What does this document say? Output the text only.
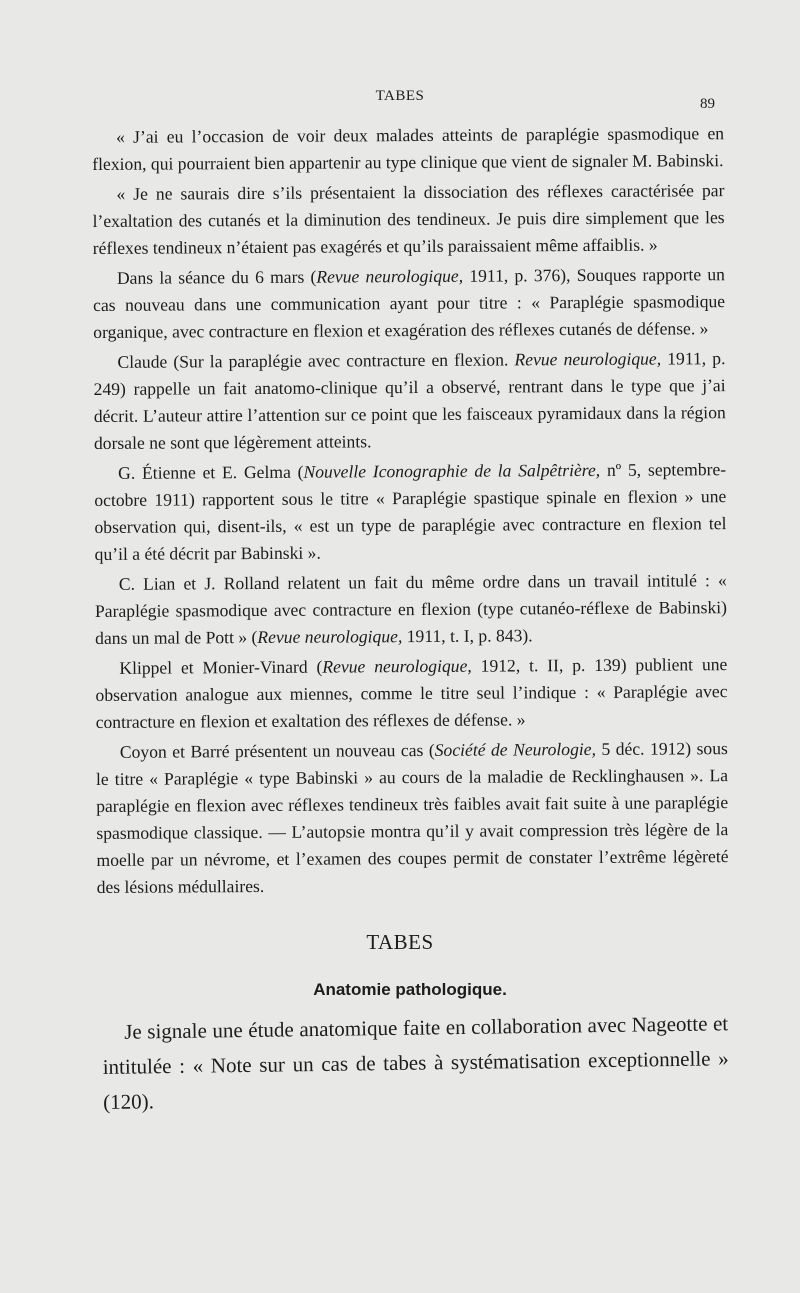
TABES	89

« J’ai eu l’occasion de voir deux malades atteints de paraplégie spasmodique en flexion, qui pourraient bien appartenir au type clinique que vient de signaler M. Babinski.

« Je ne saurais dire s’ils présentaient la dissociation des réflexes caractérisée par l’exaltation des cutanés et la diminution des tendineux. Je puis dire simplement que les réflexes tendineux n’étaient pas exagérés et qu’ils paraissaient même affaiblis. »

Dans la séance du 6 mars (Revue neurologique, 1911, p. 376), Souques rapporte un cas nouveau dans une communication ayant pour titre : « Paraplégie spasmodique organique, avec contracture en flexion et exagération des réflexes cutanés de défense. »

Claude (Sur la paraplégie avec contracture en flexion. Revue neurologique, 1911, p. 249) rappelle un fait anatomo-clinique qu’il a observé, rentrant dans le type que j’ai décrit. L’auteur attire l’attention sur ce point que les faisceaux pyramidaux dans la région dorsale ne sont que légèrement atteints.

G. Étienne et E. Gelma (Nouvelle Iconographie de la Salpêtrière, nº 5, septembre-octobre 1911) rapportent sous le titre « Paraplégie spastique spinale en flexion » une observation qui, disent-ils, « est un type de paraplégie avec contracture en flexion tel qu’il a été décrit par Babinski ».

C. Lian et J. Rolland relatent un fait du même ordre dans un travail intitulé : « Paraplégie spasmodique avec contracture en flexion (type cutanéo-réflexe de Babinski) dans un mal de Pott » (Revue neurologique, 1911, t. I, p. 843).

Klippel et Monier-Vinard (Revue neurologique, 1912, t. II, p. 139) publient une observation analogue aux miennes, comme le titre seul l’indique : « Paraplégie avec contracture en flexion et exaltation des réflexes de défense. »

Coyon et Barré présentent un nouveau cas (Société de Neurologie, 5 déc. 1912) sous le titre « Paraplégie « type Babinski » au cours de la maladie de Recklinghausen ». La paraplégie en flexion avec réflexes tendineux très faibles avait fait suite à une paraplégie spasmodique classique. — L’autopsie montra qu’il y avait compression très légère de la moelle par un névrome, et l’examen des coupes permit de constater l’extrême légèreté des lésions médullaires.

TABES
Anatomie pathologique.

Je signale une étude anatomique faite en collaboration avec Nageotte et intitulée : « Note sur un cas de tabes à systématisation exceptionnelle » (120).
